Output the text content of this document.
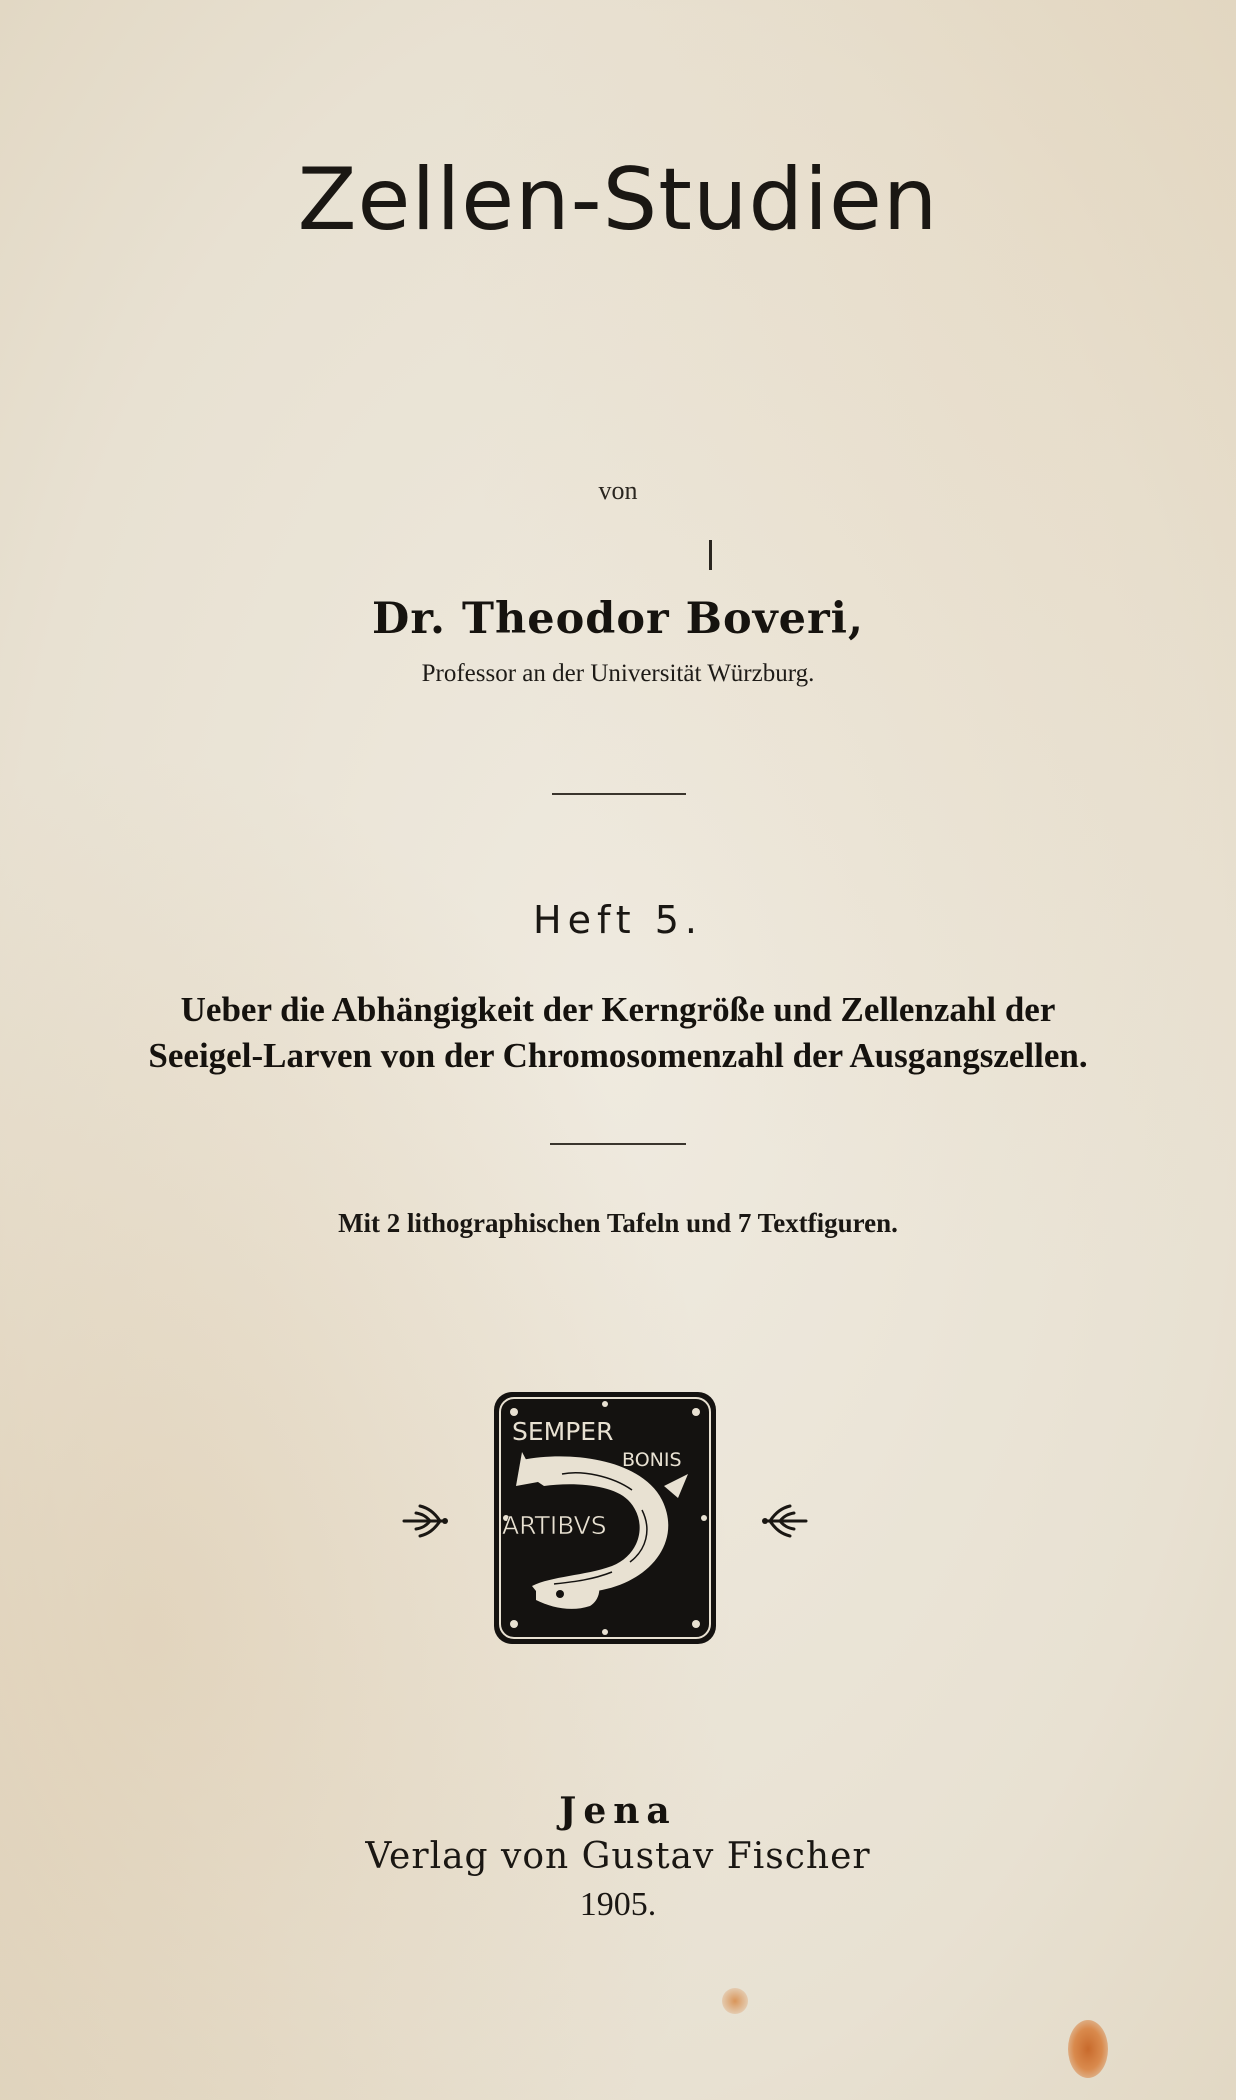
Zellen-Studien

von

Dr. Theodor Boveri,

Professor an der Universität Würzburg.

Heft 5.

Ueber die Abhängigkeit der Kerngröße und Zellenzahl der

Seeigel-Larven von der Chromosomenzahl der Ausgangszellen.

Mit 2 lithographischen Tafeln und 7 Textfiguren.

SEMPER
BONIS
ARTIBVS

Jena

Verlag von Gustav Fischer

1905.
